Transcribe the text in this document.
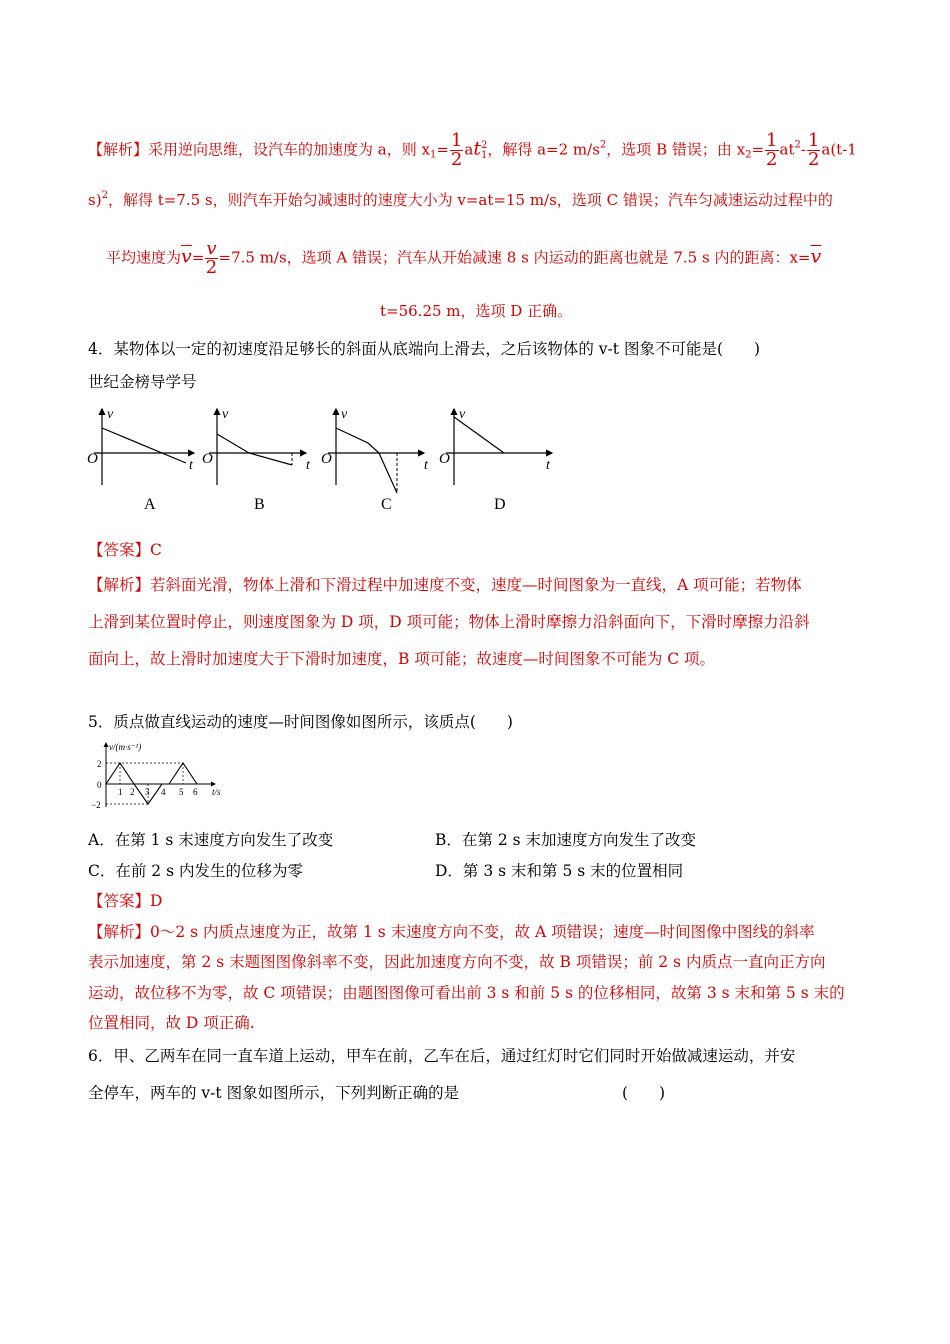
【解析】采用逆向思维，设汽车的加速度为 a，则 $x_1= \frac{1}{2}$ at 2
1 ，解得 a=2 $m/s^2$，选项 B 错误；由 $x_2= \frac{1}{2} at^2- \frac{1}{2} a(t-1$
s)$^2$，解得 t=7.5 s，则汽车开始匀减速时的速度大小为 v=at=15 m/s，选项 C 错误；汽车匀减速运动过程中的
平均速度为$\overline{v}= \frac{v}{2} =7.5$ m/s，选项 A 错误；汽车从开始减速 8 s 内运动的距离也就是 7.5 s 内的距离：$x=\overline{v}$
t=56.25 m，选项 D 正确。
4．某物体以一定的初速度沿足够长的斜面从底端向上滑去，之后该物体的 v-t 图象不可能是(　　)
世纪金榜导学号
v
t
O
A
v
t
O
B
v
t
O
C
v
t
O
D
【答案】C
【解析】若斜面光滑，物体上滑和下滑过程中加速度不变，速度—时间图象为一直线，A 项可能；若物体
上滑到某位置时停止，则速度图象为 D 项，D 项可能；物体上滑时摩擦力沿斜面向下，下滑时摩擦力沿斜
面向上，故上滑时加速度大于下滑时加速度，B 项可能；故速度—时间图象不可能为 C 项。
5．质点做直线运动的速度—时间图像如图所示，该质点(　　)
v/(m·s⁻¹)
t/s
2
0
−2
1 2 3 4 5 6
A．在第 1 s 末速度方向发生了改变	B．在第 2 s 末加速度方向发生了改变
C．在前 2 s 内发生的位移为零	D．第 3 s 末和第 5 s 末的位置相同
【答案】D
【解析】0～2 s 内质点速度为正，故第 1 s 末速度方向不变，故 A 项错误；速度—时间图像中图线的斜率
表示加速度，第 2 s 末题图图像斜率不变，因此加速度方向不变，故 B 项错误；前 2 s 内质点一直向正方向
运动，故位移不为零，故 C 项错误；由题图图像可看出前 3 s 和前 5 s 的位移相同，故第 3 s 末和第 5 s 末的
位置相同，故 D 项正确.
6．甲、乙两车在同一直车道上运动，甲车在前，乙车在后，通过红灯时它们同时开始做减速运动，并安
全停车，两车的 v-t 图象如图所示，下列判断正确的是	(　　)
